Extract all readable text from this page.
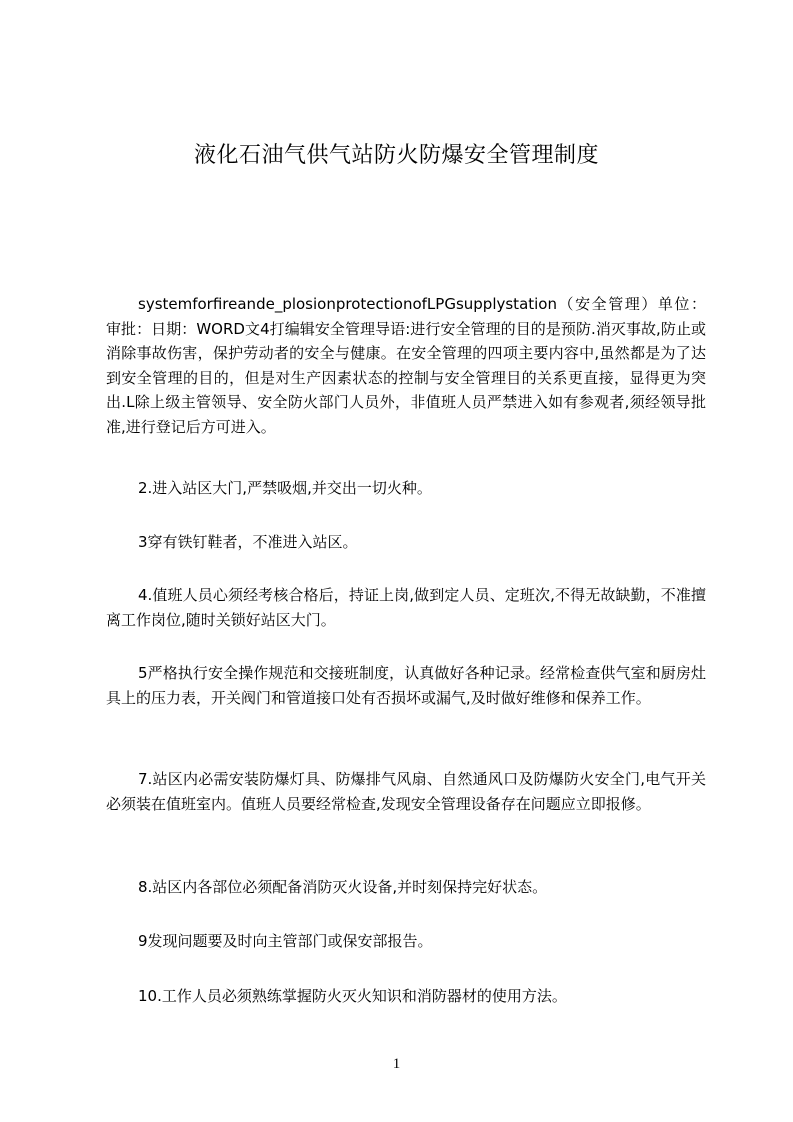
液化石油气供气站防火防爆安全管理制度

systemforfireande_plosionprotectionofLPGsupplystation（安全管理）单位：审批：日期：WORD文4打编辑安全管理导语:进行安全管理的目的是预防.消灭事故,防止或消除事故伤害，保护劳动者的安全与健康。在安全管理的四项主要内容中,虽然都是为了达到安全管理的目的，但是对生产因素状态的控制与安全管理目的关系更直接，显得更为突出.L除上级主管领导、安全防火部门人员外，非值班人员严禁进入如有参观者,须经领导批准,进行登记后方可进入。

2.进入站区大门,严禁吸烟,并交出一切火种。

3穿有铁钉鞋者，不准进入站区。

4.值班人员心须经考核合格后，持证上岗,做到定人员、定班次,不得无故缺勤，不准擅离工作岗位,随时关锁好站区大门。

5严格执行安全操作规范和交接班制度，认真做好各种记录。经常检查供气室和厨房灶具上的压力表，开关阀门和管道接口处有否损坏或漏气,及时做好维修和保养工作。

7.站区内必需安装防爆灯具、防爆排气风扇、自然通风口及防爆防火安全门,电气开关必须装在值班室内。值班人员要经常检查,发现安全管理设备存在问题应立即报修。

8.站区内各部位必须配备消防灭火设备,并时刻保持完好状态。

9发现问题要及时向主管部门或保安部报告。

10.工作人员必须熟练掌握防火灭火知识和消防器材的使用方法。

1
